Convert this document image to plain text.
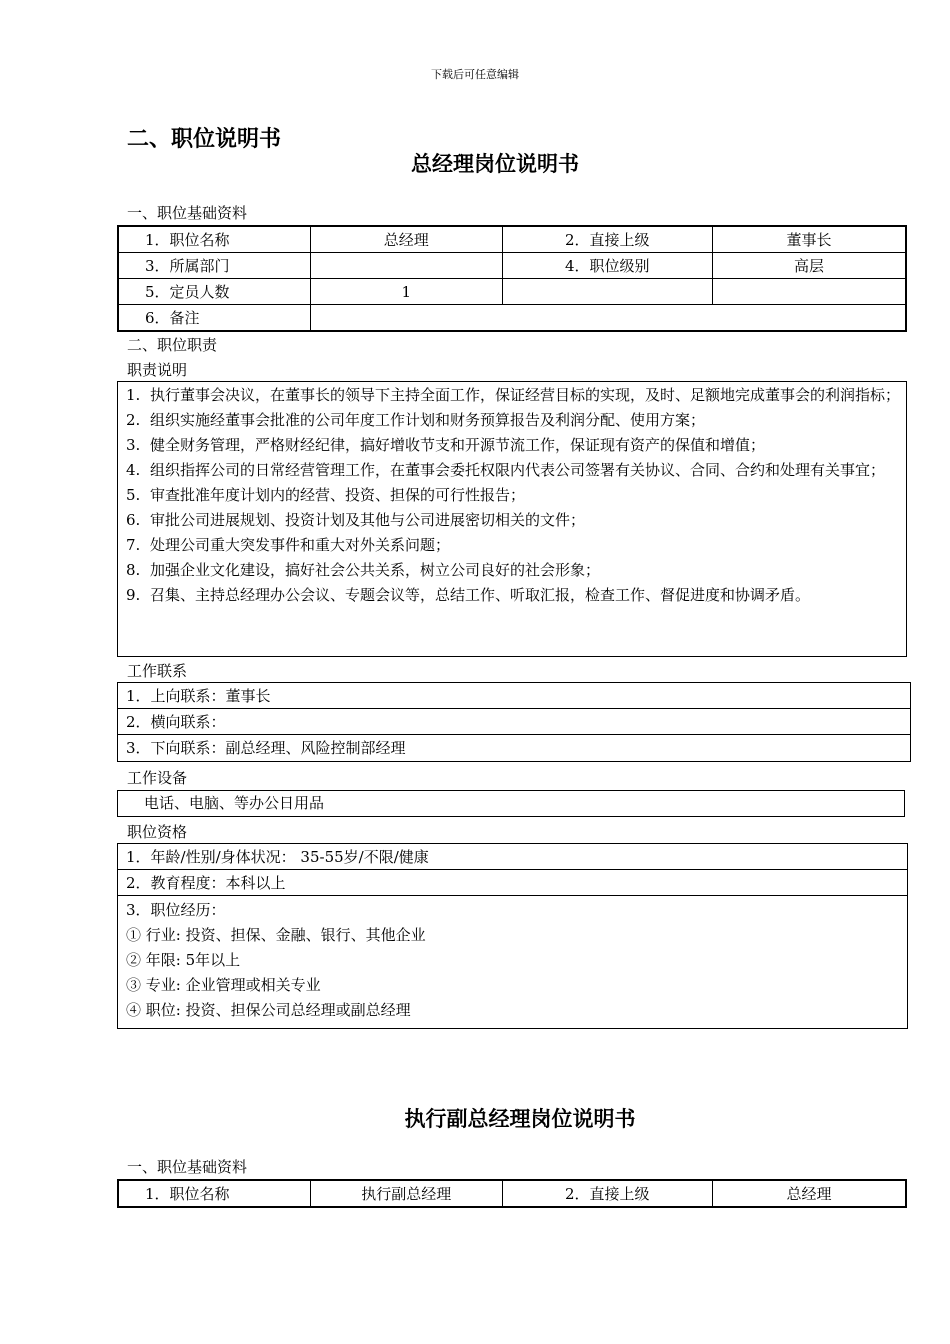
下载后可任意编辑
二、职位说明书
总经理岗位说明书
一、职位基础资料
1．职位名称	总经理	2．直接上级	董事长
3．所属部门		4．职位级别	高层
5．定员人数	1		
6．备注			
二、职位职责
职责说明
1. 执行董事会决议，在董事长的领导下主持全面工作，保证经营目标的实现，及时、足额地完成董事会的利润指标；
2. 组织实施经董事会批准的公司年度工作计划和财务预算报告及利润分配、使用方案；
3. 健全财务管理，严格财经纪律，搞好增收节支和开源节流工作，保证现有资产的保值和增值；
4. 组织指挥公司的日常经营管理工作，在董事会委托权限内代表公司签署有关协议、合同、合约和处理有关事宜；
5. 审查批准年度计划内的经营、投资、担保的可行性报告；
6. 审批公司进展规划、投资计划及其他与公司进展密切相关的文件；
7. 处理公司重大突发事件和重大对外关系问题；
8. 加强企业文化建设，搞好社会公共关系，树立公司良好的社会形象；
9. 召集、主持总经理办公会议、专题会议等，总结工作、听取汇报，检查工作、督促进度和协调矛盾。
工作联系
1．上向联系：董事长
2．横向联系：
3．下向联系：副总经理、风险控制部经理
工作设备
电话、电脑、等办公日用品
职位资格
1．年龄/性别/身体状况： 35-55岁/不限/健康
2．教育程度：本科以上
3．职位经历：
① 行业: 投资、担保、金融、银行、其他企业
② 年限: 5年以上
③ 专业: 企业管理或相关专业
④ 职位: 投资、担保公司总经理或副总经理
执行副总经理岗位说明书
一、职位基础资料
1．职位名称	执行副总经理	2．直接上级	总经理
